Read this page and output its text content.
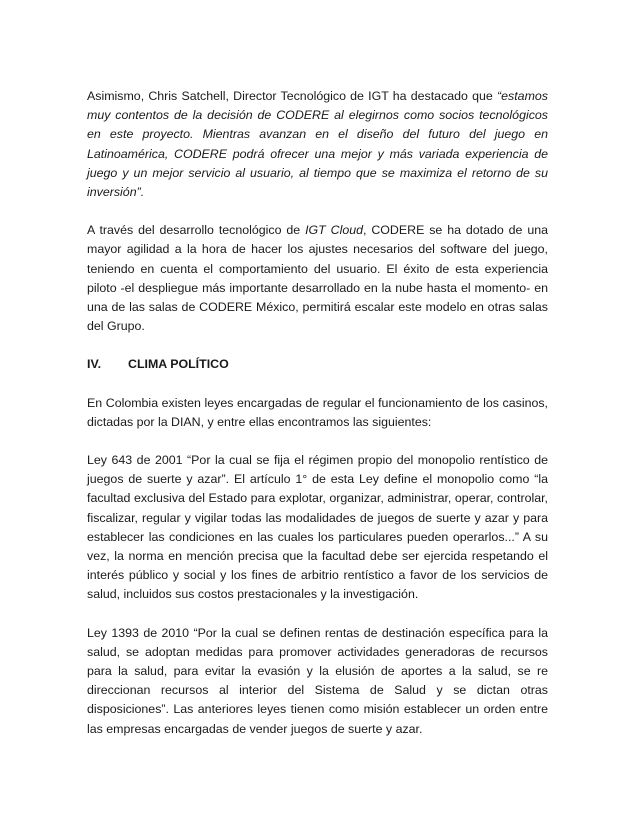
Asimismo, Chris Satchell, Director Tecnológico de IGT ha destacado que “estamos muy contentos de la decisión de CODERE al elegirnos como socios tecnológicos en este proyecto. Mientras avanzan en el diseño del futuro del juego en Latinoamérica, CODERE podrá ofrecer una mejor y más variada experiencia de juego y un mejor servicio al usuario, al tiempo que se maximiza el retorno de su inversión”.

A través del desarrollo tecnológico de IGT Cloud, CODERE se ha dotado de una mayor agilidad a la hora de hacer los ajustes necesarios del software del juego, teniendo en cuenta el comportamiento del usuario. El éxito de esta experiencia piloto -el despliegue más importante desarrollado en la nube hasta el momento- en una de las salas de CODERE México, permitirá escalar este modelo en otras salas del Grupo.

IV.	CLIMA POLÍTICO

En Colombia existen leyes encargadas de regular el funcionamiento de los casinos, dictadas por la DIAN, y entre ellas encontramos las siguientes:

Ley 643 de 2001 “Por la cual se fija el régimen propio del monopolio rentístico de juegos de suerte y azar”. El artículo 1° de esta Ley define el monopolio como “la facultad exclusiva del Estado para explotar, organizar, administrar, operar, controlar, fiscalizar, regular y vigilar todas las modalidades de juegos de suerte y azar y para establecer las condiciones en las cuales los particulares pueden operarlos...” A su vez, la norma en mención precisa que la facultad debe ser ejercida respetando el interés público y social y los fines de arbitrio rentístico a favor de los servicios de salud, incluidos sus costos prestacionales y la investigación.

Ley 1393 de 2010 “Por la cual se definen rentas de destinación específica para la salud, se adoptan medidas para promover actividades generadoras de recursos para la salud, para evitar la evasión y la elusión de aportes a la salud, se re direccionan recursos al interior del Sistema de Salud y se dictan otras disposiciones”. Las anteriores leyes tienen como misión establecer un orden entre las empresas encargadas de vender juegos de suerte y azar.
